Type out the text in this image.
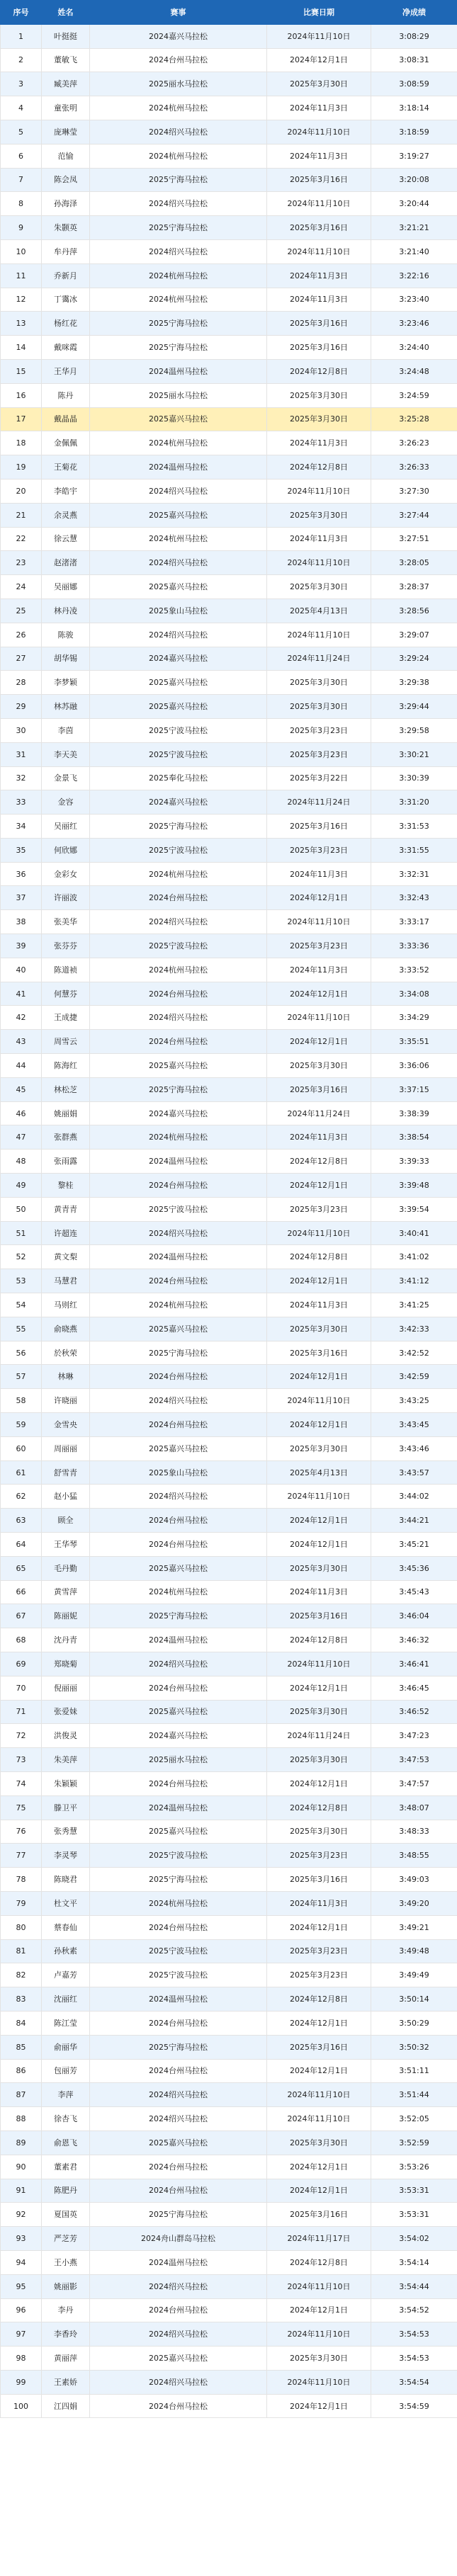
序号	姓名	赛事	比赛日期	净成绩
1	叶挺挺	2024嘉兴马拉松	2024年11月10日	3:08:29
2	董敏飞	2024台州马拉松	2024年12月1日	3:08:31
3	臧美萍	2025丽水马拉松	2025年3月30日	3:08:59
4	童张明	2024杭州马拉松	2024年11月3日	3:18:14
5	庞琳莹	2024绍兴马拉松	2024年11月10日	3:18:59
6	范愉	2024杭州马拉松	2024年11月3日	3:19:27
7	陈会凤	2025宁海马拉松	2025年3月16日	3:20:08
8	孙海泽	2024绍兴马拉松	2024年11月10日	3:20:44
9	朱颢英	2025宁海马拉松	2025年3月16日	3:21:21
10	牟丹萍	2024绍兴马拉松	2024年11月10日	3:21:40
11	乔新月	2024杭州马拉松	2024年11月3日	3:22:16
12	丁霭冰	2024杭州马拉松	2024年11月3日	3:23:40
13	杨红花	2025宁海马拉松	2025年3月16日	3:23:46
14	戴咪霞	2025宁海马拉松	2025年3月16日	3:24:40
15	王华月	2024温州马拉松	2024年12月8日	3:24:48
16	陈丹	2025丽水马拉松	2025年3月30日	3:24:59
17	戴晶晶	2025嘉兴马拉松	2025年3月30日	3:25:28
18	金佩佩	2024杭州马拉松	2024年11月3日	3:26:23
19	王菊花	2024温州马拉松	2024年12月8日	3:26:33
20	李皓宇	2024绍兴马拉松	2024年11月10日	3:27:30
21	余灵燕	2025嘉兴马拉松	2025年3月30日	3:27:44
22	徐云慧	2024杭州马拉松	2024年11月3日	3:27:51
23	赵渚渚	2024绍兴马拉松	2024年11月10日	3:28:05
24	吴丽娜	2025嘉兴马拉松	2025年3月30日	3:28:37
25	林丹凌	2025象山马拉松	2025年4月13日	3:28:56
26	陈骏	2024绍兴马拉松	2024年11月10日	3:29:07
27	胡华锡	2024嘉兴马拉松	2024年11月24日	3:29:24
28	李梦颖	2025嘉兴马拉松	2025年3月30日	3:29:38
29	林苏融	2025嘉兴马拉松	2025年3月30日	3:29:44
30	李茵	2025宁波马拉松	2025年3月23日	3:29:58
31	李天美	2025宁波马拉松	2025年3月23日	3:30:21
32	金景飞	2025奉化马拉松	2025年3月22日	3:30:39
33	金容	2024嘉兴马拉松	2024年11月24日	3:31:20
34	吴丽红	2025宁海马拉松	2025年3月16日	3:31:53
35	何欣娜	2025宁波马拉松	2025年3月23日	3:31:55
36	金彩女	2024杭州马拉松	2024年11月3日	3:32:31
37	许丽波	2024台州马拉松	2024年12月1日	3:32:43
38	张美华	2024绍兴马拉松	2024年11月10日	3:33:17
39	张芬芬	2025宁波马拉松	2025年3月23日	3:33:36
40	陈道祯	2024杭州马拉松	2024年11月3日	3:33:52
41	何慧芬	2024台州马拉松	2024年12月1日	3:34:08
42	王成捷	2024绍兴马拉松	2024年11月10日	3:34:29
43	周雪云	2024台州马拉松	2024年12月1日	3:35:51
44	陈海红	2025嘉兴马拉松	2025年3月30日	3:36:06
45	林松芝	2025宁海马拉松	2025年3月16日	3:37:15
46	姚丽娟	2024嘉兴马拉松	2024年11月24日	3:38:39
47	张群燕	2024杭州马拉松	2024年11月3日	3:38:54
48	张雨露	2024温州马拉松	2024年12月8日	3:39:33
49	黎桂	2024台州马拉松	2024年12月1日	3:39:48
50	黄青青	2025宁波马拉松	2025年3月23日	3:39:54
51	许超连	2024绍兴马拉松	2024年11月10日	3:40:41
52	黄文梨	2024温州马拉松	2024年12月8日	3:41:02
53	马慧君	2024台州马拉松	2024年12月1日	3:41:12
54	马则红	2024杭州马拉松	2024年11月3日	3:41:25
55	俞晓燕	2025嘉兴马拉松	2025年3月30日	3:42:33
56	於秋荣	2025宁海马拉松	2025年3月16日	3:42:52
57	林琳	2024台州马拉松	2024年12月1日	3:42:59
58	许晓丽	2024绍兴马拉松	2024年11月10日	3:43:25
59	金雪央	2024台州马拉松	2024年12月1日	3:43:45
60	周丽丽	2025嘉兴马拉松	2025年3月30日	3:43:46
61	舒雪青	2025象山马拉松	2025年4月13日	3:43:57
62	赵小猛	2024绍兴马拉松	2024年11月10日	3:44:02
63	顾全	2024台州马拉松	2024年12月1日	3:44:21
64	王华琴	2024台州马拉松	2024年12月1日	3:45:21
65	毛丹勤	2025嘉兴马拉松	2025年3月30日	3:45:36
66	黄雪萍	2024杭州马拉松	2024年11月3日	3:45:43
67	陈丽妮	2025宁海马拉松	2025年3月16日	3:46:04
68	沈丹青	2024温州马拉松	2024年12月8日	3:46:32
69	郑晓菊	2024绍兴马拉松	2024年11月10日	3:46:41
70	倪丽丽	2024台州马拉松	2024年12月1日	3:46:45
71	张爱妹	2025嘉兴马拉松	2025年3月30日	3:46:52
72	洪俊灵	2024嘉兴马拉松	2024年11月24日	3:47:23
73	朱美萍	2025丽水马拉松	2025年3月30日	3:47:53
74	朱颖颖	2024台州马拉松	2024年12月1日	3:47:57
75	滕卫平	2024温州马拉松	2024年12月8日	3:48:07
76	张秀慧	2025嘉兴马拉松	2025年3月30日	3:48:33
77	李灵琴	2025宁波马拉松	2025年3月23日	3:48:55
78	陈晓君	2025宁海马拉松	2025年3月16日	3:49:03
79	杜文平	2024杭州马拉松	2024年11月3日	3:49:20
80	蔡春仙	2024台州马拉松	2024年12月1日	3:49:21
81	孙秋素	2025宁波马拉松	2025年3月23日	3:49:48
82	卢嘉芳	2025宁波马拉松	2025年3月23日	3:49:49
83	沈丽红	2024温州马拉松	2024年12月8日	3:50:14
84	陈江莹	2024台州马拉松	2024年12月1日	3:50:29
85	俞丽华	2025宁海马拉松	2025年3月16日	3:50:32
86	包丽芳	2024台州马拉松	2024年12月1日	3:51:11
87	李萍	2024绍兴马拉松	2024年11月10日	3:51:44
88	徐杏飞	2024绍兴马拉松	2024年11月10日	3:52:05
89	俞恩飞	2025嘉兴马拉松	2025年3月30日	3:52:59
90	董素君	2024台州马拉松	2024年12月1日	3:53:26
91	陈肥丹	2024台州马拉松	2024年12月1日	3:53:31
92	夏国英	2025宁海马拉松	2025年3月16日	3:53:31
93	严芝芳	2024舟山群岛马拉松	2024年11月17日	3:54:02
94	王小燕	2024温州马拉松	2024年12月8日	3:54:14
95	姚丽影	2024绍兴马拉松	2024年11月10日	3:54:44
96	李丹	2024台州马拉松	2024年12月1日	3:54:52
97	李香玲	2024绍兴马拉松	2024年11月10日	3:54:53
98	黄丽萍	2025嘉兴马拉松	2025年3月30日	3:54:53
99	王素娇	2024绍兴马拉松	2024年11月10日	3:54:54
100	江四娟	2024台州马拉松	2024年12月1日	3:54:59
